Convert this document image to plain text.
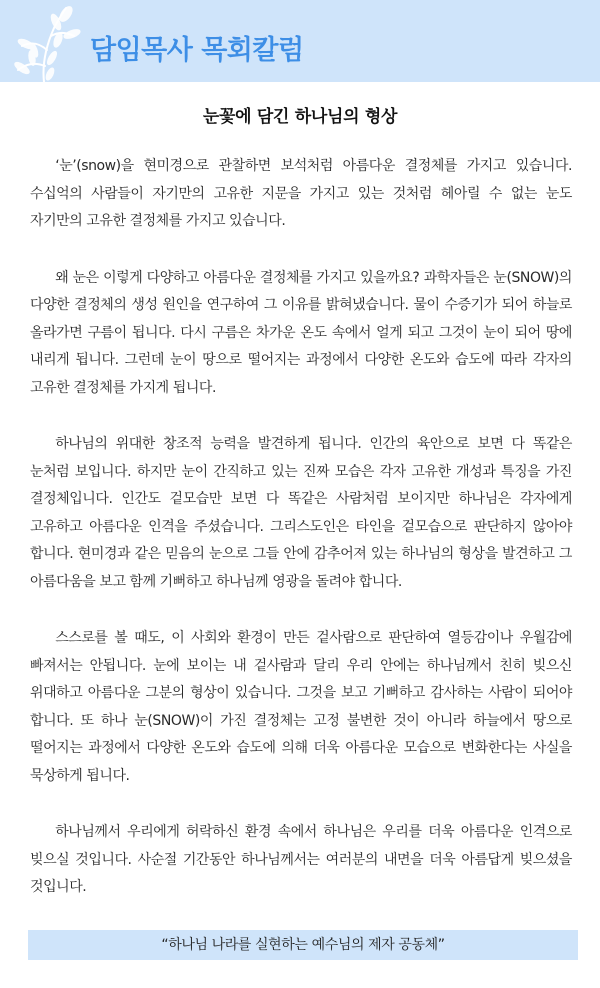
담임목사 목회칼럼
눈꽃에 담긴 하나님의 형상

‘눈’(snow)을 현미경으로 관찰하면 보석처럼 아름다운 결정체를 가지고 있습니다. 수십억의 사람들이 자기만의 고유한 지문을 가지고 있는 것처럼 헤아릴 수 없는 눈도 자기만의 고유한 결정체를 가지고 있습니다.

왜 눈은 이렇게 다양하고 아름다운 결정체를 가지고 있을까요? 과학자들은 눈(SNOW)의 다양한 결정체의 생성 원인을 연구하여 그 이유를 밝혀냈습니다. 물이 수증기가 되어 하늘로 올라가면 구름이 됩니다. 다시 구름은 차가운 온도 속에서 얼게 되고 그것이 눈이 되어 땅에 내리게 됩니다. 그런데 눈이 땅으로 떨어지는 과정에서 다양한 온도와 습도에 따라 각자의 고유한 결정체를 가지게 됩니다.

하나님의 위대한 창조적 능력을 발견하게 됩니다. 인간의 육안으로 보면 다 똑같은 눈처럼 보입니다. 하지만 눈이 간직하고 있는 진짜 모습은 각자 고유한 개성과 특징을 가진 결정체입니다. 인간도 겉모습만 보면 다 똑같은 사람처럼 보이지만 하나님은 각자에게 고유하고 아름다운 인격을 주셨습니다. 그리스도인은 타인을 겉모습으로 판단하지 않아야 합니다. 현미경과 같은 믿음의 눈으로 그들 안에 감추어져 있는 하나님의 형상을 발견하고 그 아름다움을 보고 함께 기뻐하고 하나님께 영광을 돌려야 합니다.

스스로를 볼 때도, 이 사회와 환경이 만든 겉사람으로 판단하여 열등감이나 우월감에 빠져서는 안됩니다. 눈에 보이는 내 겉사람과 달리 우리 안에는 하나님께서 친히 빚으신 위대하고 아름다운 그분의 형상이 있습니다. 그것을 보고 기뻐하고 감사하는 사람이 되어야 합니다. 또 하나 눈(SNOW)이 가진 결정체는 고정 불변한 것이 아니라 하늘에서 땅으로 떨어지는 과정에서 다양한 온도와 습도에 의해 더욱 아름다운 모습으로 변화한다는 사실을 묵상하게 됩니다.

하나님께서 우리에게 허락하신 환경 속에서 하나님은 우리를 더욱 아름다운 인격으로 빚으실 것입니다. 사순절 기간동안 하나님께서는 여러분의 내면을 더욱 아름답게 빚으셨을 것입니다.

“하나님 나라를 실현하는 예수님의 제자 공동체”
